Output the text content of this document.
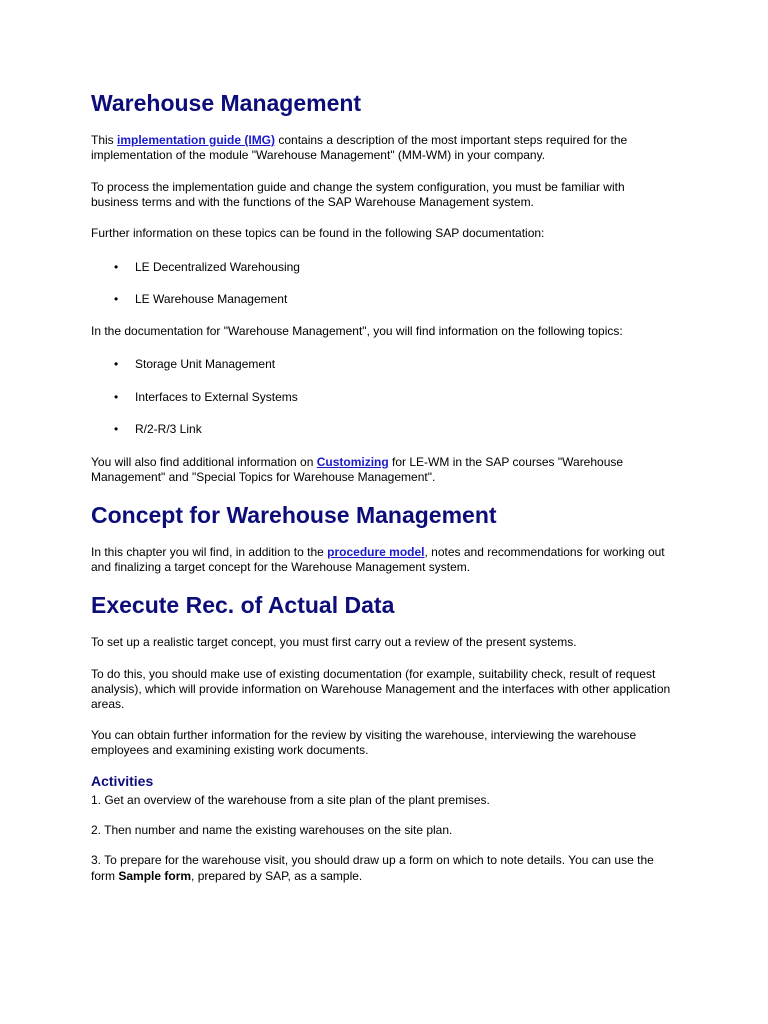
Warehouse Management

This implementation guide (IMG) contains a description of the most important steps required for the implementation of the module "Warehouse Management" (MM-WM) in your company.

To process the implementation guide and change the system configuration, you must be familiar with business terms and with the functions of the SAP Warehouse Management system.

Further information on these topics can be found in the following SAP documentation:

• LE Decentralized Warehousing
• LE Warehouse Management

In the documentation for "Warehouse Management", you will find information on the following topics:

• Storage Unit Management
• Interfaces to External Systems
• R/2-R/3 Link

You will also find additional information on Customizing for LE-WM in the SAP courses "Warehouse Management" and "Special Topics for Warehouse Management".

Concept for Warehouse Management

In this chapter you wil find, in addition to the procedure model, notes and recommendations for working out and finalizing a target concept for the Warehouse Management system.

Execute Rec. of Actual Data

To set up a realistic target concept, you must first carry out a review of the present systems.

To do this, you should make use of existing documentation (for example, suitability check, result of request analysis), which will provide information on Warehouse Management and the interfaces with other application areas.

You can obtain further information for the review by visiting the warehouse, interviewing the warehouse employees and examining existing work documents.

Activities

1. Get an overview of the warehouse from a site plan of the plant premises.

2. Then number and name the existing warehouses on the site plan.

3. To prepare for the warehouse visit, you should draw up a form on which to note details. You can use the form Sample form, prepared by SAP, as a sample.
